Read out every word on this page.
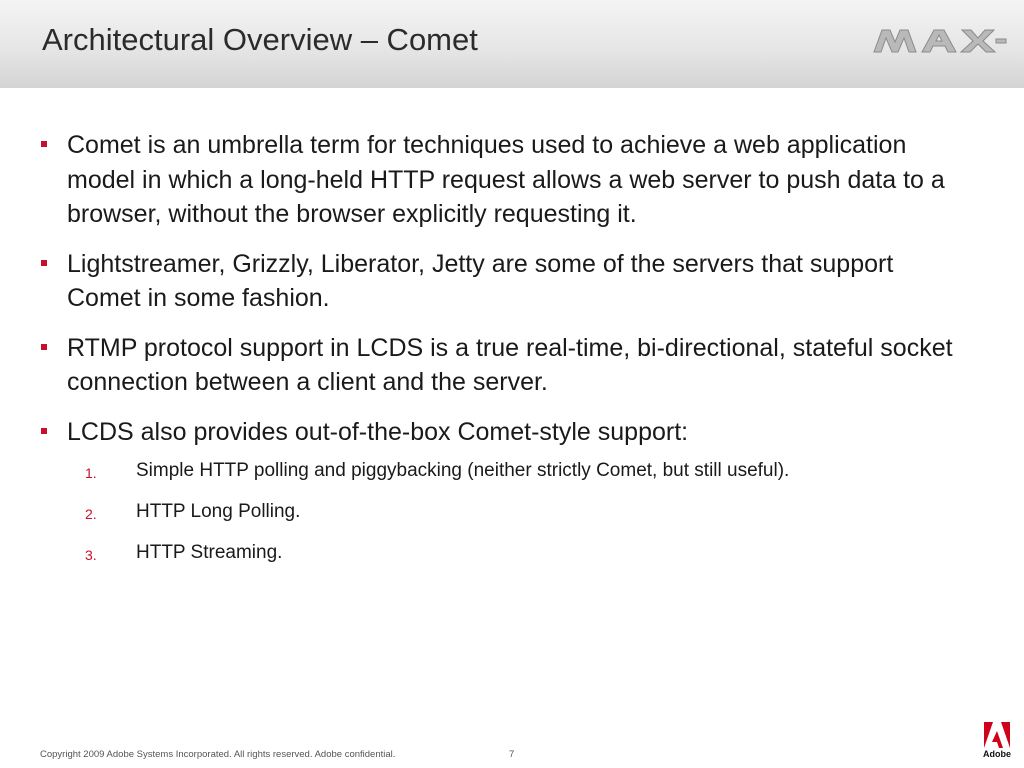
Architectural Overview – Comet
Comet is an umbrella term for techniques used to achieve a web application model in which a long-held HTTP request allows a web server to push data to a browser, without the browser explicitly requesting it.
Lightstreamer, Grizzly, Liberator, Jetty are some of the servers that support Comet in some fashion.
RTMP protocol support in LCDS is a true real-time, bi-directional, stateful socket connection between a client and the server.
LCDS also provides out-of-the-box Comet-style support:
1. Simple HTTP polling and piggybacking (neither strictly Comet, but still useful).
2. HTTP Long Polling.
3. HTTP Streaming.
Copyright 2009 Adobe Systems Incorporated. All rights reserved. Adobe confidential.	7	Adobe
